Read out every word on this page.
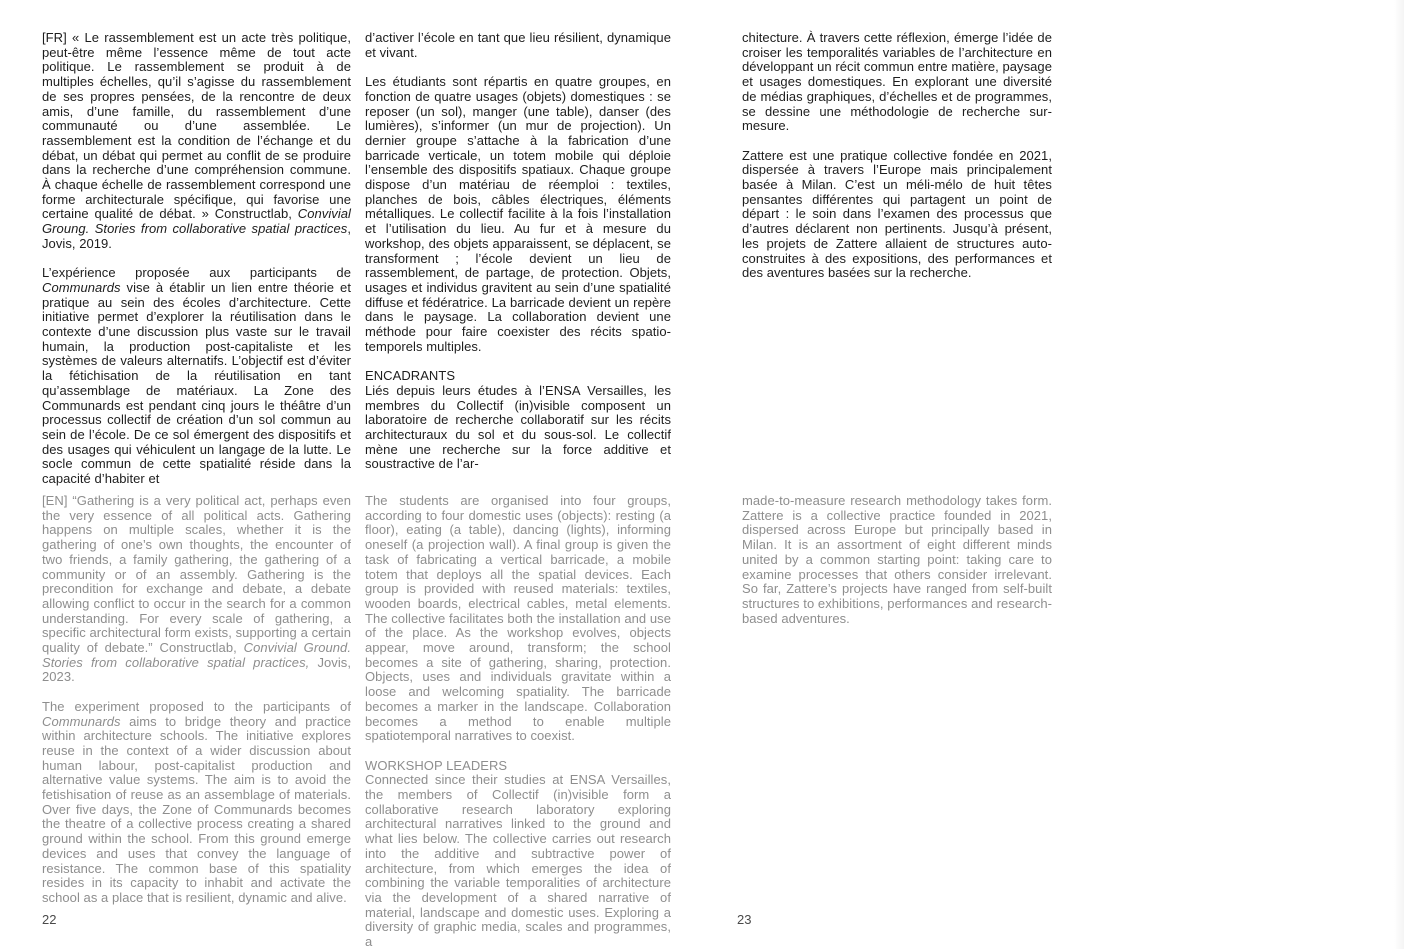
[FR] « Le rassemblement est un acte très politique, peut-être même l’essence même de tout acte politique. Le rassemblement se produit à de multiples échelles, qu’il s’agisse du rassemblement de ses propres pensées, de la rencontre de deux amis, d’une famille, du rassemblement d’une communauté ou d’une assemblée. Le rassemblement est la condition de l’échange et du débat, un débat qui permet au conflit de se produire dans la recherche d’une compréhension commune. À chaque échelle de rassemblement correspond une forme architecturale spécifique, qui favorise une certaine qualité de débat. » Constructlab, Convivial Groung. Stories from collaborative spatial practices, Jovis, 2019.

L’expérience proposée aux participants de Communards vise à établir un lien entre théorie et pratique au sein des écoles d’architecture. Cette initiative permet d’explorer la réutilisation dans le contexte d’une discussion plus vaste sur le travail humain, la production post-capitaliste et les systèmes de valeurs alternatifs. L’objectif est d’éviter la fétichisation de la réutilisation en tant qu’assemblage de matériaux. La Zone des Communards est pendant cinq jours le théâtre d’un processus collectif de création d’un sol commun au sein de l’école. De ce sol émergent des dispositifs et des usages qui véhiculent un langage de la lutte. Le socle commun de cette spatialité réside dans la capacité d’habiter et

d’activer l’école en tant que lieu résilient, dynamique et vivant.

Les étudiants sont répartis en quatre groupes, en fonction de quatre usages (objets) domestiques : se reposer (un sol), manger (une table), danser (des lumières), s’informer (un mur de projection). Un dernier groupe s’attache à la fabrication d’une barricade verticale, un totem mobile qui déploie l’ensemble des dispositifs spatiaux. Chaque groupe dispose d’un matériau de réemploi : textiles, planches de bois, câbles électriques, éléments métalliques. Le collectif facilite à la fois l’installation et l’utilisation du lieu. Au fur et à mesure du workshop, des objets apparaissent, se déplacent, se transforment ; l’école devient un lieu de rassemblement, de partage, de protection. Objets, usages et individus gravitent au sein d’une spatialité diffuse et fédératrice. La barricade devient un repère dans le paysage. La collaboration devient une méthode pour faire coexister des récits spatio-temporels multiples.

ENCADRANTS

Liés depuis leurs études à l’ENSA Versailles, les membres du Collectif (in)visible composent un laboratoire de recherche collaboratif sur les récits architecturaux du sol et du sous-sol. Le collectif mène une recherche sur la force additive et soustractive de l’ar-

chitecture. À travers cette réflexion, émerge l’idée de croiser les temporalités variables de l’architecture en développant un récit commun entre matière, paysage et usages domestiques. En explorant une diversité de médias graphiques, d’échelles et de programmes, se dessine une méthodologie de recherche sur-mesure.

Zattere est une pratique collective fondée en 2021, dispersée à travers l’Europe mais principalement basée à Milan. C’est un méli-mélo de huit têtes pensantes différentes qui partagent un point de départ : le soin dans l’examen des processus que d’autres déclarent non pertinents. Jusqu’à présent, les projets de Zattere allaient de structures auto-construites à des expositions, des performances et des aventures basées sur la recherche.

[EN] “Gathering is a very political act, perhaps even the very essence of all political acts. Gathering happens on multiple scales, whether it is the gathering of one’s own thoughts, the encounter of two friends, a family gathering, the gathering of a community or of an assembly. Gathering is the precondition for exchange and debate, a debate allowing conflict to occur in the search for a common understanding. For every scale of gathering, a specific architectural form exists, supporting a certain quality of debate.” Constructlab, Convivial Ground. Stories from collaborative spatial practices, Jovis, 2023.

The experiment proposed to the participants of Communards aims to bridge theory and practice within architecture schools. The initiative explores reuse in the context of a wider discussion about human labour, post-capitalist production and alternative value systems. The aim is to avoid the fetishisation of reuse as an assemblage of materials. Over five days, the Zone of Communards becomes the theatre of a collective process creating a shared ground within the school. From this ground emerge devices and uses that convey the language of resistance. The common base of this spatiality resides in its capacity to inhabit and activate the school as a place that is resilient, dynamic and alive.

The students are organised into four groups, according to four domestic uses (objects): resting (a floor), eating (a table), dancing (lights), informing oneself (a projection wall). A final group is given the task of fabricating a vertical barricade, a mobile totem that deploys all the spatial devices. Each group is provided with reused materials: textiles, wooden boards, electrical cables, metal elements. The collective facilitates both the installation and use of the place. As the workshop evolves, objects appear, move around, transform; the school becomes a site of gathering, sharing, protection. Objects, uses and individuals gravitate within a loose and welcoming spatiality. The barricade becomes a marker in the landscape. Collaboration becomes a method to enable multiple spatiotemporal narratives to coexist.

WORKSHOP LEADERS

Connected since their studies at ENSA Versailles, the members of Collectif (in)visible form a collaborative research laboratory exploring architectural narratives linked to the ground and what lies below. The collective carries out research into the additive and subtractive power of architecture, from which emerges the idea of combining the variable temporalities of architecture via the development of a shared narrative of material, landscape and domestic uses. Exploring a diversity of graphic media, scales and programmes, a

made-to-measure research methodology takes form. Zattere is a collective practice founded in 2021, dispersed across Europe but principally based in Milan. It is an assortment of eight different minds united by a common starting point: taking care to examine processes that others consider irrelevant. So far, Zattere’s projects have ranged from self-built structures to exhibitions, performances and research-based adventures.

22	23
